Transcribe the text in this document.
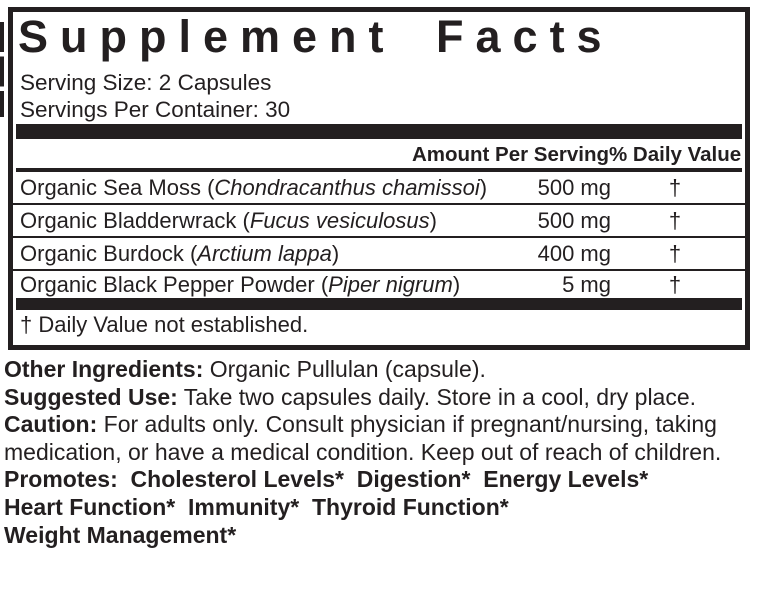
Supplement Facts
Serving Size: 2 Capsules
Servings Per Container: 30
Amount Per Serving % Daily Value
Organic Sea Moss (Chondracanthus chamissoi)	500 mg	†
Organic Bladderwrack (Fucus vesiculosus)	500 mg	†
Organic Burdock (Arctium lappa)	400 mg	†
Organic Black Pepper Powder (Piper nigrum)	5 mg	†
† Daily Value not established.
Other Ingredients: Organic Pullulan (capsule).
Suggested Use: Take two capsules daily. Store in a cool, dry place.
Caution: For adults only. Consult physician if pregnant/nursing, taking
medication, or have a medical condition. Keep out of reach of children.
Promotes:  Cholesterol Levels*  Digestion*  Energy Levels*
Heart Function*  Immunity*  Thyroid Function*
Weight Management*
